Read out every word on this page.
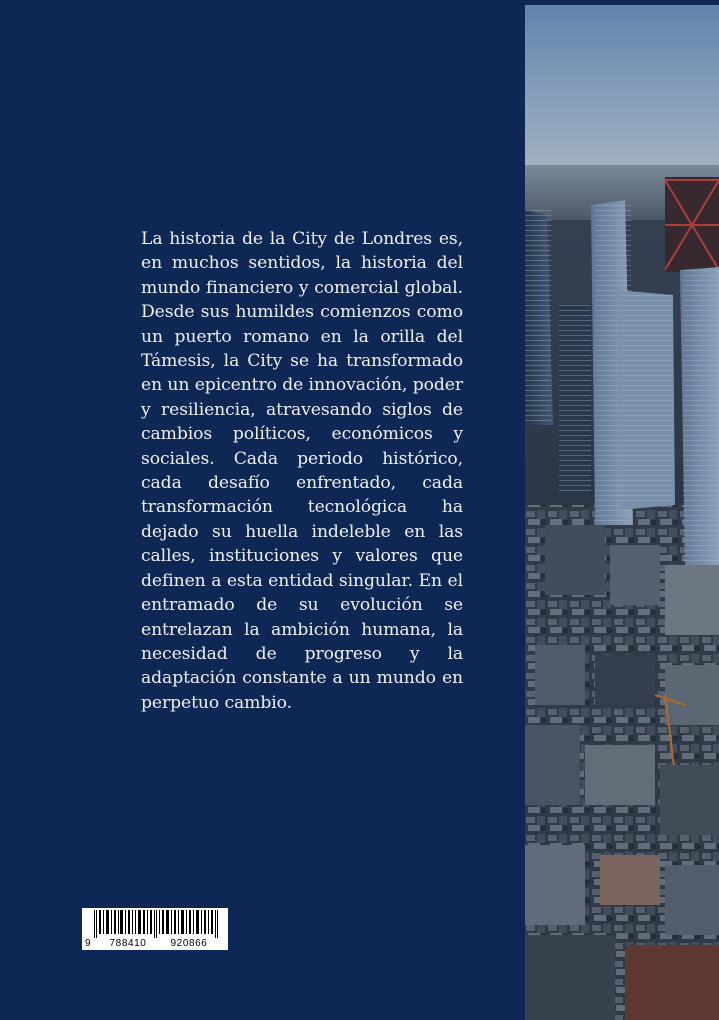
La historia de la City de Londres es, en muchos sentidos, la historia del mundo financiero y comercial global. Desde sus humildes comienzos como un puerto romano en la orilla del Támesis, la City se ha transformado en un epicentro de innovación, poder y resiliencia, atravesando siglos de cambios políticos, económicos y sociales. Cada periodo histórico, cada desafío enfrentado, cada transformación tecnológica ha dejado su huella indeleble en las calles, instituciones y valores que definen a esta entidad singular. En el entramado de su evolución se entrelazan la ambición humana, la necesidad de progreso y la adaptación constante a un mundo en perpetuo cambio.

9	788410	920866
